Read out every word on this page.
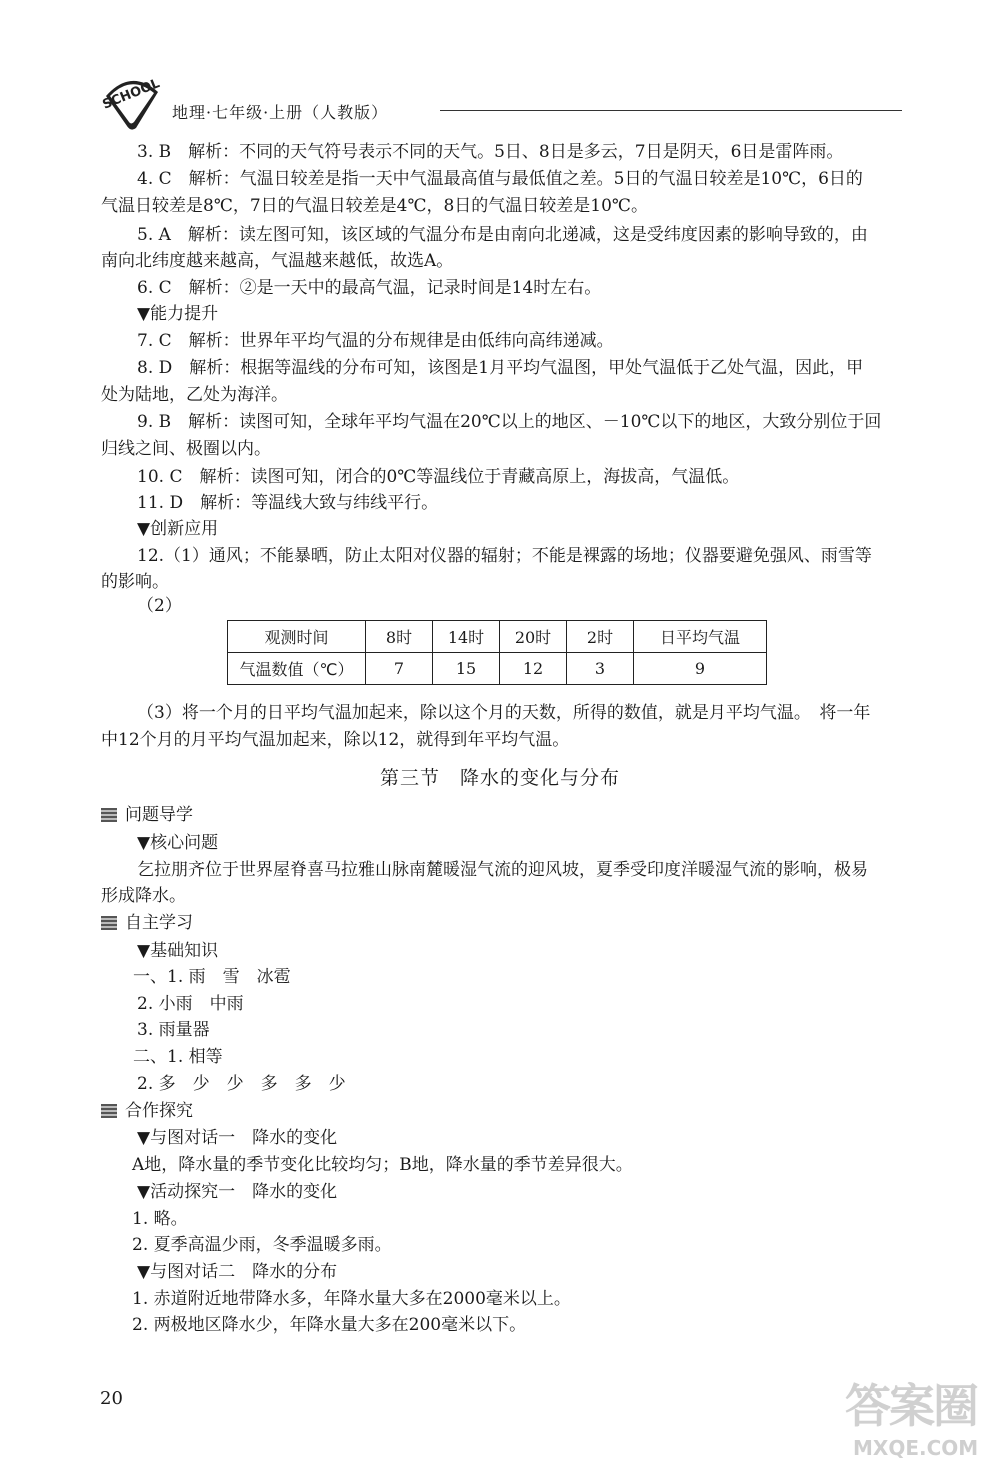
SCHOOL 地理·七年级·上册（人教版）
3. B　解析：不同的天气符号表示不同的天气。5日、8日是多云，7日是阴天，6日是雷阵雨。
4. C　解析：气温日较差是指一天中气温最高值与最低值之差。5日的气温日较差是10℃，6日的
气温日较差是8℃，7日的气温日较差是4℃，8日的气温日较差是10℃。
5. A　解析：读左图可知，该区域的气温分布是由南向北递减，这是受纬度因素的影响导致的，由
南向北纬度越来越高，气温越来越低，故选A。
6. C　解析：②是一天中的最高气温，记录时间是14时左右。
▼能力提升
7. C　解析：世界年平均气温的分布规律是由低纬向高纬递减。
8. D　解析：根据等温线的分布可知，该图是1月平均气温图，甲处气温低于乙处气温，因此，甲
处为陆地，乙处为海洋。
9. B　解析：读图可知，全球年平均气温在20℃以上的地区、－10℃以下的地区，大致分别位于回
归线之间、极圈以内。
10. C　解析：读图可知，闭合的0℃等温线位于青藏高原上，海拔高，气温低。
11. D　解析：等温线大致与纬线平行。
▼创新应用
12.（1）通风；不能暴晒，防止太阳对仪器的辐射；不能是裸露的场地；仪器要避免强风、雨雪等
的影响。
（2）
观测时间	8时	14时	20时	2时	日平均气温
气温数值（℃）	7	15	12	3	9
（3）将一个月的日平均气温加起来，除以这个月的天数，所得的数值，就是月平均气温。　将一年
中12个月的月平均气温加起来，除以12，就得到年平均气温。
第三节　降水的变化与分布
问题导学
▼核心问题
乞拉朋齐位于世界屋脊喜马拉雅山脉南麓暖湿气流的迎风坡，夏季受印度洋暖湿气流的影响，极易
形成降水。
自主学习
▼基础知识
一、1. 雨　雪　冰雹
2. 小雨　中雨
3. 雨量器
二、1. 相等
2. 多　少　少　多　多　少
合作探究
▼与图对话一　降水的变化
A地，降水量的季节变化比较均匀；B地，降水量的季节差异很大。
▼活动探究一　降水的变化
1. 略。
2. 夏季高温少雨，冬季温暖多雨。
▼与图对话二　降水的分布
1. 赤道附近地带降水多，年降水量大多在2000毫米以上。
2. 两极地区降水少，年降水量大多在200毫米以下。
20	答案圈
MXQE.COM
